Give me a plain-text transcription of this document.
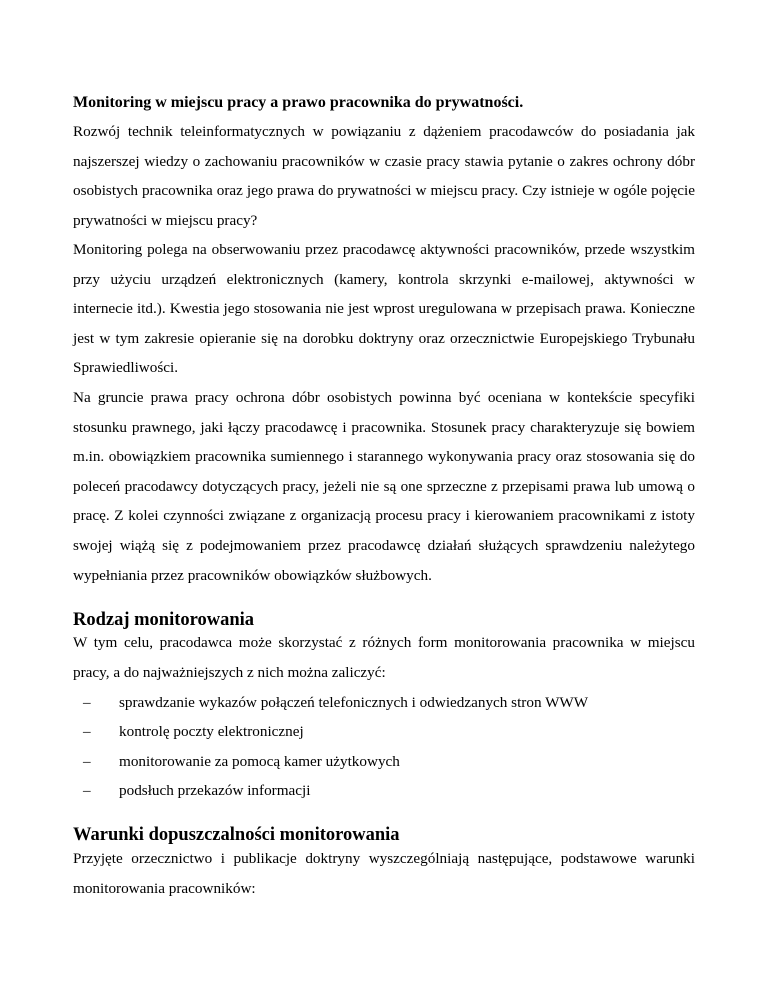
Monitoring w miejscu pracy a prawo pracownika do prywatności.

Rozwój technik teleinformatycznych w powiązaniu z dążeniem pracodawców do posiadania jak najszerszej wiedzy o zachowaniu pracowników w czasie pracy stawia pytanie o zakres ochrony dóbr osobistych pracownika oraz jego prawa do prywatności w miejscu pracy. Czy istnieje w ogóle pojęcie prywatności w miejscu pracy?

Monitoring polega na obserwowaniu przez pracodawcę aktywności pracowników, przede wszystkim przy użyciu urządzeń elektronicznych (kamery, kontrola skrzynki e-mailowej, aktywności w internecie itd.). Kwestia jego stosowania nie jest wprost uregulowana w przepisach prawa. Konieczne jest w tym zakresie opieranie się na dorobku doktryny oraz orzecznictwie Europejskiego Trybunału Sprawiedliwości.

Na gruncie prawa pracy ochrona dóbr osobistych powinna być oceniana w kontekście specyfiki stosunku prawnego, jaki łączy pracodawcę i pracownika. Stosunek pracy charakteryzuje się bowiem m.in. obowiązkiem pracownika sumiennego i starannego wykonywania pracy oraz stosowania się do poleceń pracodawcy dotyczących pracy, jeżeli nie są one sprzeczne z przepisami prawa lub umową o pracę. Z kolei czynności związane z organizacją procesu pracy i kierowaniem pracownikami z istoty swojej wiążą się z podejmowaniem przez pracodawcę działań służących sprawdzeniu należytego wypełniania przez pracowników obowiązków służbowych.

Rodzaj monitorowania

W tym celu, pracodawca może skorzystać z różnych form monitorowania pracownika w miejscu pracy, a do najważniejszych z nich można zaliczyć:

– sprawdzanie wykazów połączeń telefonicznych i odwiedzanych stron WWW
– kontrolę poczty elektronicznej
– monitorowanie za pomocą kamer użytkowych
– podsłuch przekazów informacji
Warunki dopuszczalności monitorowania

Przyjęte orzecznictwo i publikacje doktryny wyszczególniają następujące, podstawowe warunki monitorowania pracowników:
